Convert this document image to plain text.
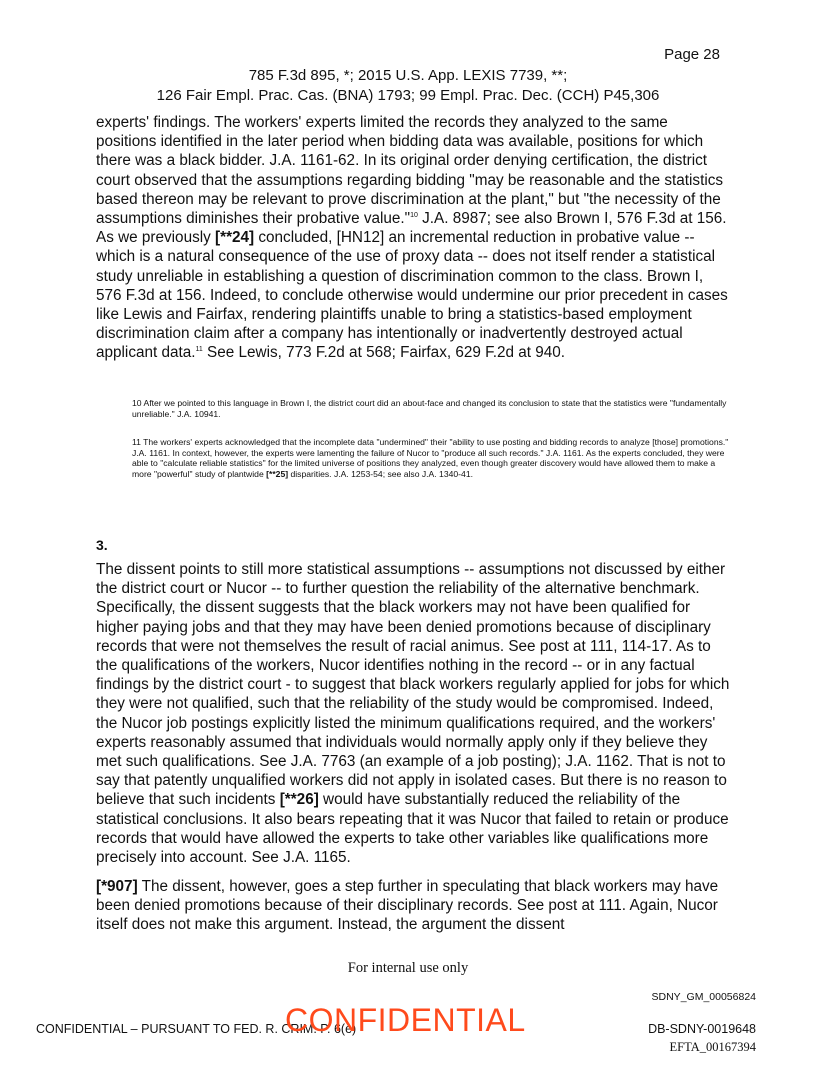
Page 28
785 F.3d 895, *; 2015 U.S. App. LEXIS 7739, **;
126 Fair Empl. Prac. Cas. (BNA) 1793; 99 Empl. Prac. Dec. (CCH) P45,306

experts' findings. The workers' experts limited the records they analyzed to the same positions identified in the later period when bidding data was available, positions for which there was a black bidder. J.A. 1161-62. In its original order denying certification, the district court observed that the assumptions regarding bidding "may be reasonable and the statistics based thereon may be relevant to prove discrimination at the plant," but "the necessity of the assumptions diminishes their probative value."$^{10}$ J.A. 8987; see also Brown I, 576 F.3d at 156. As we previously [**24] concluded, [HN12] an incremental reduction in probative value -- which is a natural consequence of the use of proxy data -- does not itself render a statistical study unreliable in establishing a question of discrimination common to the class. Brown I, 576 F.3d at 156. Indeed, to conclude otherwise would undermine our prior precedent in cases like Lewis and Fairfax, rendering plaintiffs unable to bring a statistics-based employment discrimination claim after a company has intentionally or inadvertently destroyed actual applicant data.$^{11}$ See Lewis, 773 F.2d at 568; Fairfax, 629 F.2d at 940.

10 After we pointed to this language in Brown I, the district court did an about-face and changed its conclusion to state that the statistics were "fundamentally unreliable." J.A. 10941.
11 The workers' experts acknowledged that the incomplete data "undermined" their "ability to use posting and bidding records to analyze [those] promotions." J.A. 1161. In context, however, the experts were lamenting the failure of Nucor to "produce all such records." J.A. 1161. As the experts concluded, they were able to "calculate reliable statistics" for the limited universe of positions they analyzed, even though greater discovery would have allowed them to make a more "powerful" study of plantwide [**25] disparities. J.A. 1253-54; see also J.A. 1340-41.
3.

The dissent points to still more statistical assumptions -- assumptions not discussed by either the district court or Nucor -- to further question the reliability of the alternative benchmark. Specifically, the dissent suggests that the black workers may not have been qualified for higher paying jobs and that they may have been denied promotions because of disciplinary records that were not themselves the result of racial animus. See post at 111, 114-17. As to the qualifications of the workers, Nucor identifies nothing in the record -- or in any factual findings by the district court - to suggest that black workers regularly applied for jobs for which they were not qualified, such that the reliability of the study would be compromised. Indeed, the Nucor job postings explicitly listed the minimum qualifications required, and the workers' experts reasonably assumed that individuals would normally apply only if they believe they met such qualifications. See J.A. 7763 (an example of a job posting); J.A. 1162. That is not to say that patently unqualified workers did not apply in isolated cases. But there is no reason to believe that such incidents [**26] would have substantially reduced the reliability of the statistical conclusions. It also bears repeating that it was Nucor that failed to retain or produce records that would have allowed the experts to take other variables like qualifications more precisely into account. See J.A. 1165.

[*907] The dissent, however, goes a step further in speculating that black workers may have been denied promotions because of their disciplinary records. See post at 111. Again, Nucor itself does not make this argument. Instead, the argument the dissent

For internal use only
SDNY_GM_00056824
CONFIDENTIAL – PURSUANT TO FED. R. CRIM. P. 6(e)
CONFIDENTIAL	DB-SDNY-0019648
EFTA_00167394
